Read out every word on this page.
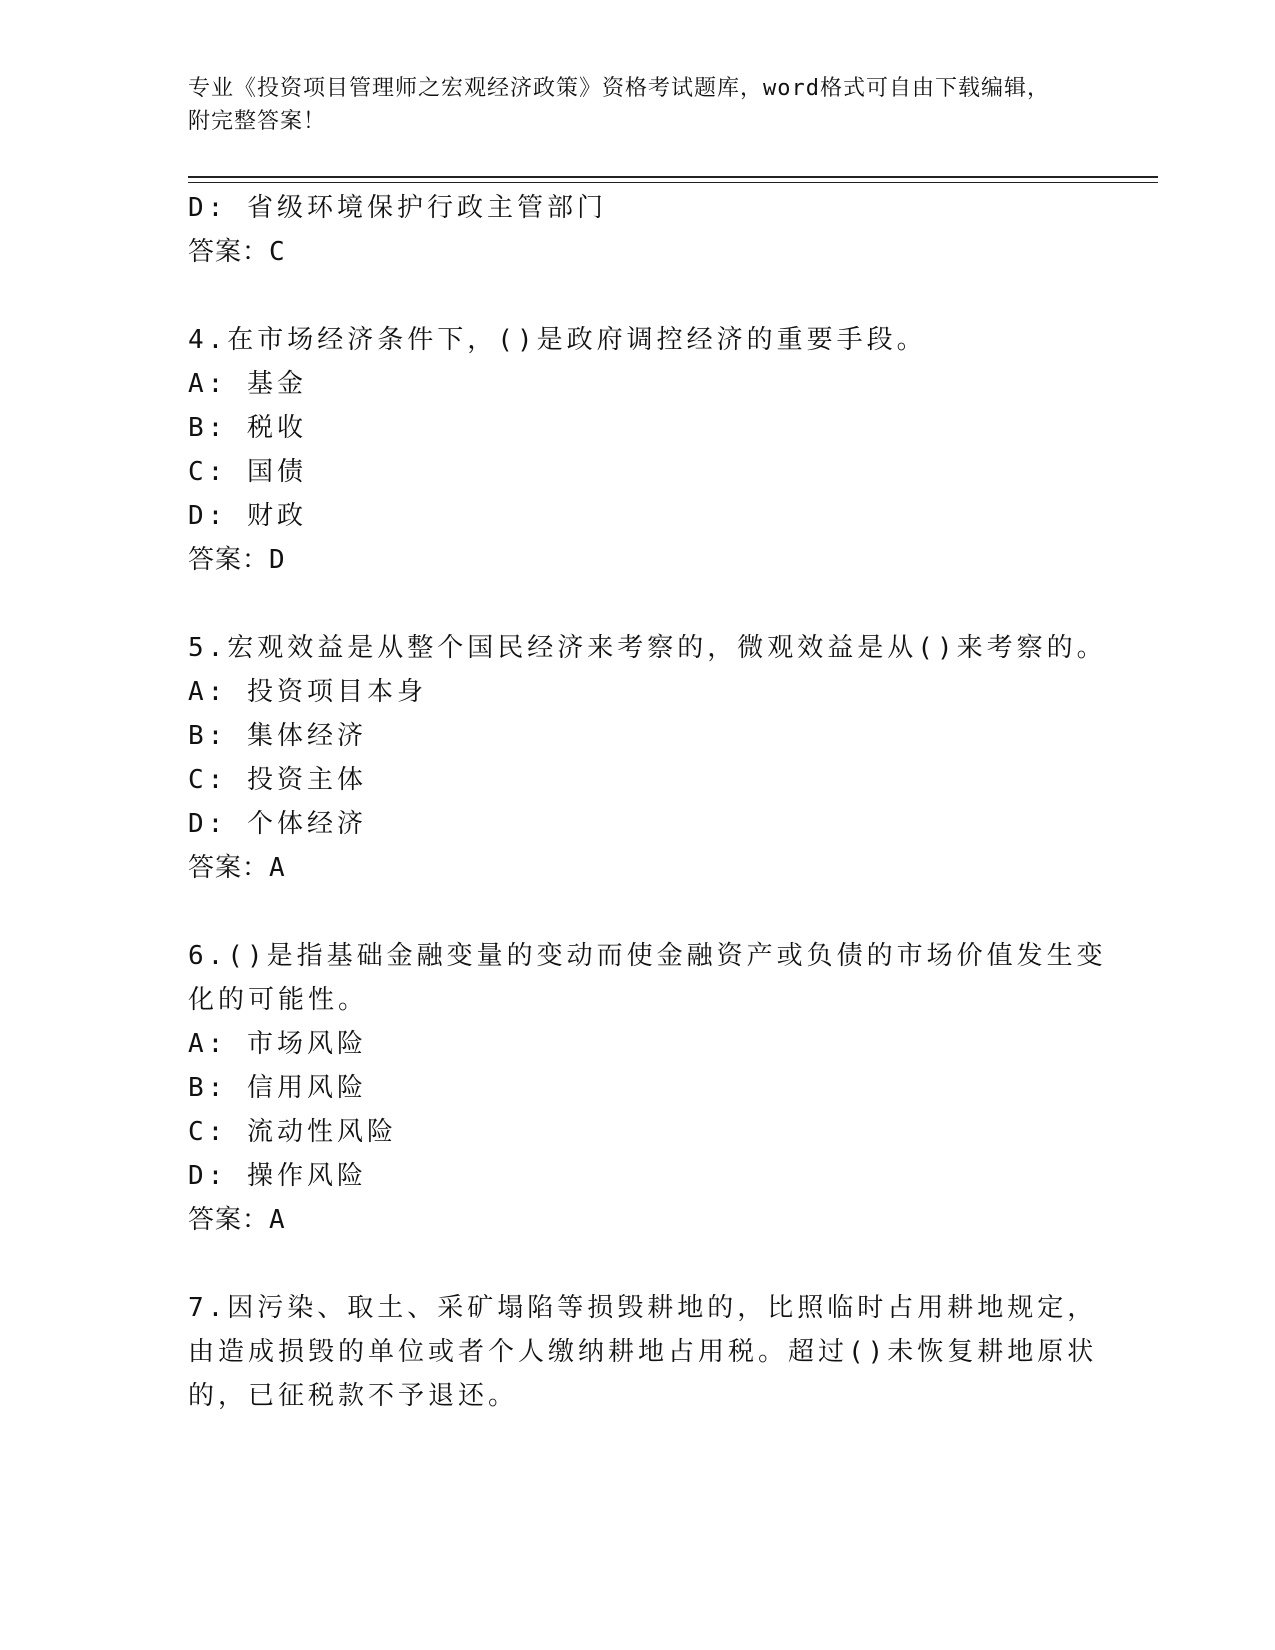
专业《投资项目管理师之宏观经济政策》资格考试题库，word格式可自由下载编辑，附完整答案！
D: 省级环境保护行政主管部门
答案：C
4.在市场经济条件下，()是政府调控经济的重要手段。
A: 基金
B: 税收
C: 国债
D: 财政
答案：D
5.宏观效益是从整个国民经济来考察的，微观效益是从()来考察的。
A: 投资项目本身
B: 集体经济
C: 投资主体
D: 个体经济
答案：A
6.()是指基础金融变量的变动而使金融资产或负债的市场价值发生变
化的可能性。
A: 市场风险
B: 信用风险
C: 流动性风险
D: 操作风险
答案：A
7.因污染、取土、采矿塌陷等损毁耕地的，比照临时占用耕地规定，
由造成损毁的单位或者个人缴纳耕地占用税。超过()未恢复耕地原状
的，已征税款不予退还。
